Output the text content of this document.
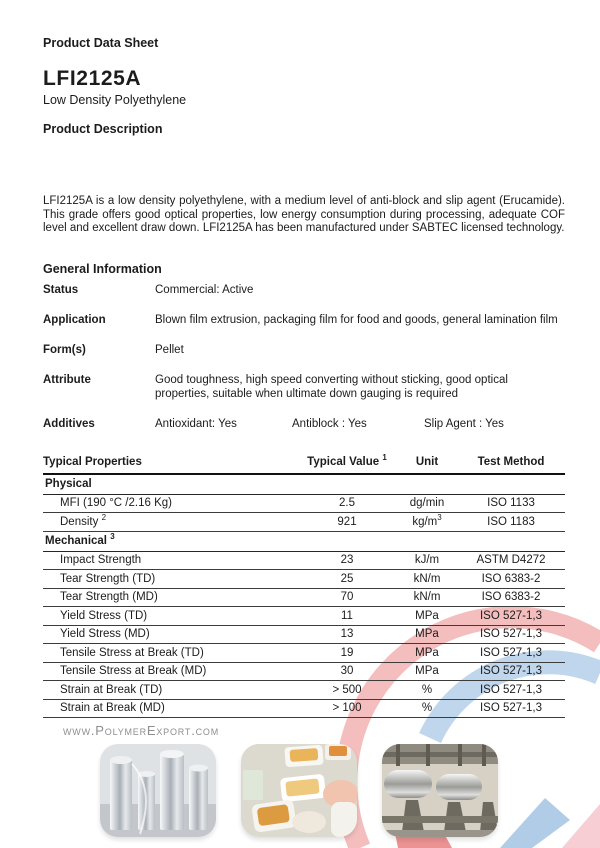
Product Data Sheet
LFI2125A
Low Density Polyethylene
Product Description
LFI2125A is a low density polyethylene, with a medium level of anti-block and slip agent (Erucamide). This grade offers good optical properties, low energy consumption during processing, adequate COF level and excellent draw down. LFI2125A has been manufactured under SABTEC licensed technology.
General Information
Status	Commercial: Active
Application	Blown film extrusion, packaging film for food and goods, general lamination film
Form(s)	Pellet
Attribute	Good toughness, high speed converting without sticking, good optical properties, suitable when ultimate down gauging is required
Additives	Antioxidant: Yes	Antiblock : Yes	Slip Agent : Yes
Typical Properties	Typical Value $^1$	Unit	Test Method
Physical			
MFI (190 °C /2.16 Kg)	2.5	dg/min	ISO 1133
Density $^2$	921	$kg/m^3$	ISO 1183
Mechanical $^3$
Impact Strength	23	kJ/m	ASTM D4272
Tear Strength (TD)	25	kN/m	ISO 6383-2
Tear Strength (MD)	70	kN/m	ISO 6383-2
Yield Stress (TD)	11	MPa	ISO 527-1,3
Yield Stress (MD)	13	MPa	ISO 527-1,3
Tensile Stress at Break (TD)	19	MPa	ISO 527-1,3
Tensile Stress at Break (MD)	30	MPa	ISO 527-1,3
Strain at Break (TD)	> 500	%	ISO 527-1,3
Strain at Break (MD)	> 100	%	ISO 527-1,3
www.PolymerExport.com
